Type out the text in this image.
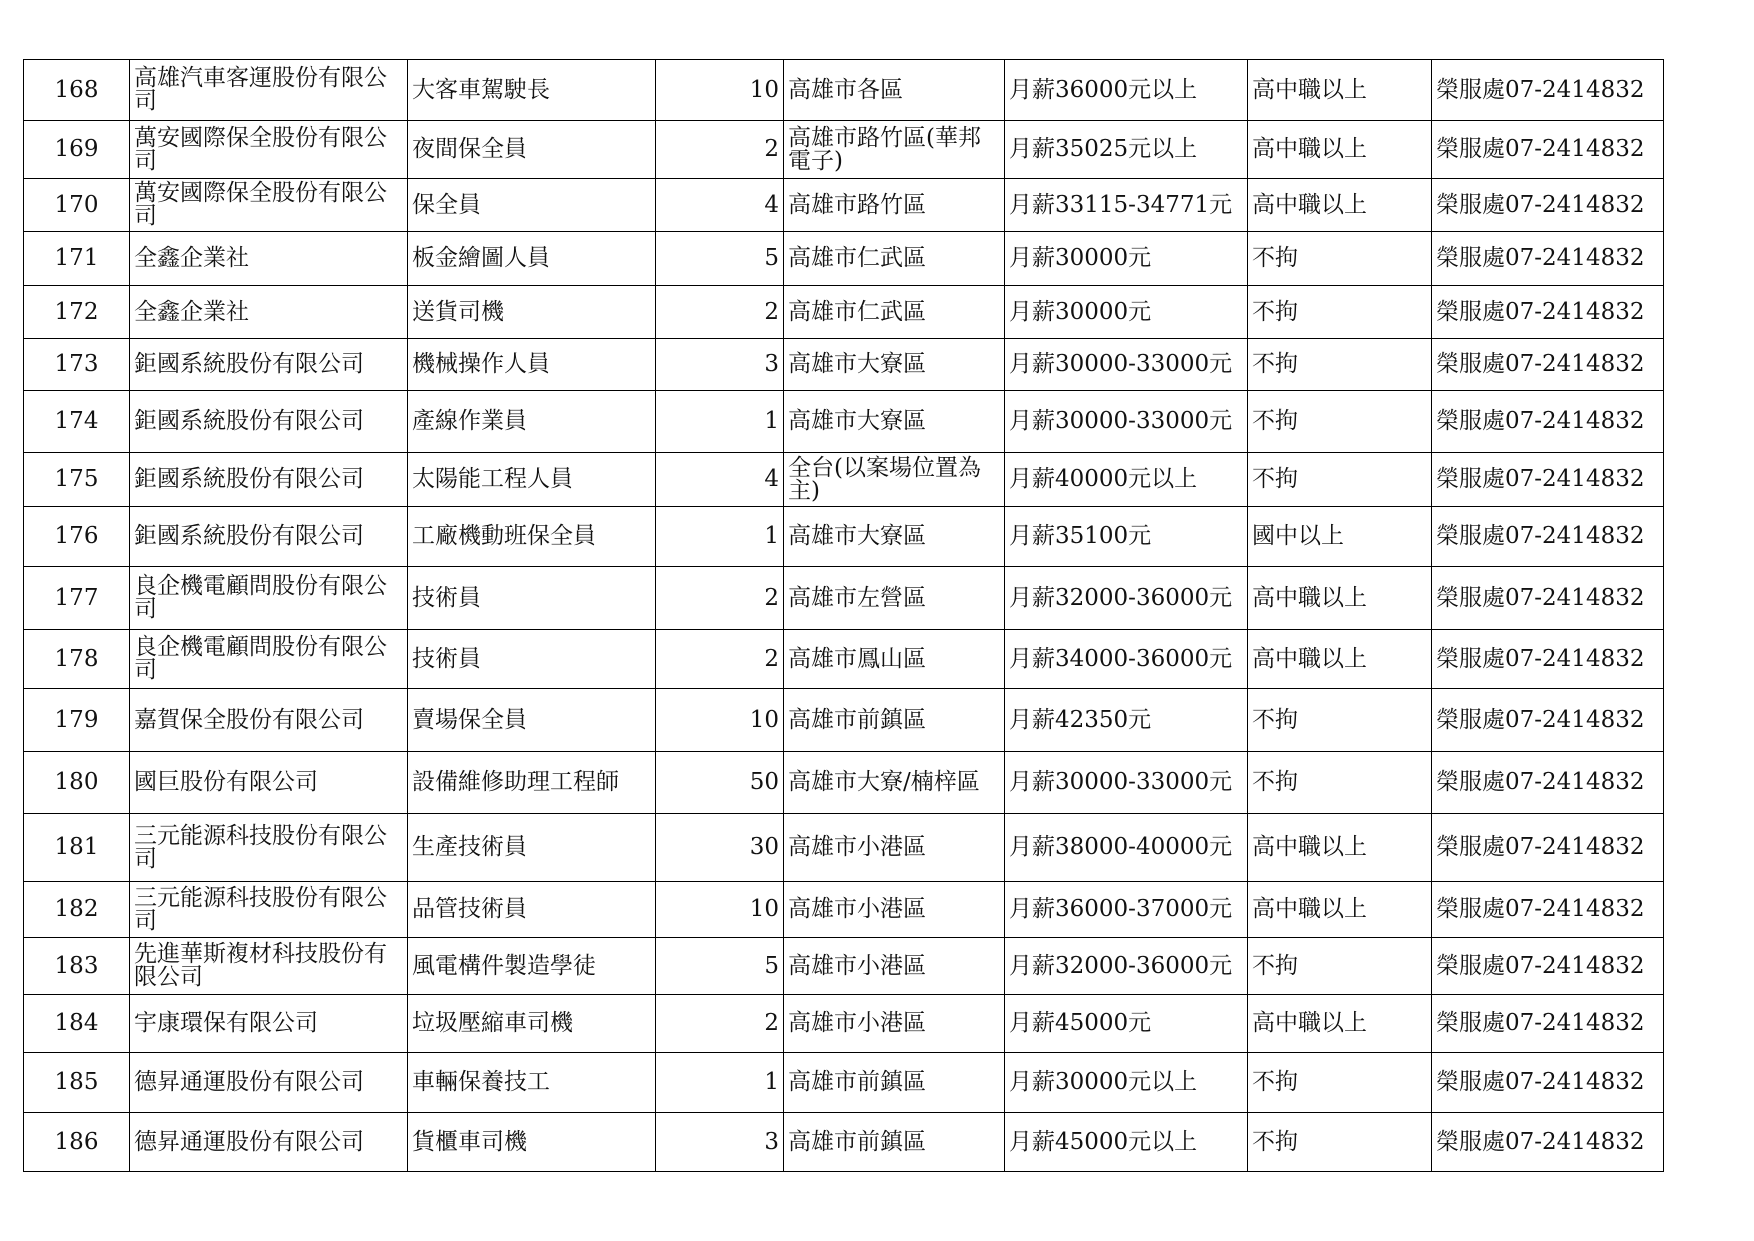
168	高雄汽車客運股份有限公司	大客車駕駛長	10	高雄市各區	月薪36000元以上	高中職以上	榮服處07-2414832
169	萬安國際保全股份有限公司	夜間保全員	2	高雄市路竹區(華邦電子)	月薪35025元以上	高中職以上	榮服處07-2414832
170	萬安國際保全股份有限公司	保全員	4	高雄市路竹區	月薪33115-34771元	高中職以上	榮服處07-2414832
171	全鑫企業社	板金繪圖人員	5	高雄市仁武區	月薪30000元	不拘	榮服處07-2414832
172	全鑫企業社	送貨司機	2	高雄市仁武區	月薪30000元	不拘	榮服處07-2414832
173	鉅國系統股份有限公司	機械操作人員	3	高雄市大寮區	月薪30000-33000元	不拘	榮服處07-2414832
174	鉅國系統股份有限公司	產線作業員	1	高雄市大寮區	月薪30000-33000元	不拘	榮服處07-2414832
175	鉅國系統股份有限公司	太陽能工程人員	4	全台(以案場位置為主)	月薪40000元以上	不拘	榮服處07-2414832
176	鉅國系統股份有限公司	工廠機動班保全員	1	高雄市大寮區	月薪35100元	國中以上	榮服處07-2414832
177	良企機電顧問股份有限公司	技術員	2	高雄市左營區	月薪32000-36000元	高中職以上	榮服處07-2414832
178	良企機電顧問股份有限公司	技術員	2	高雄市鳳山區	月薪34000-36000元	高中職以上	榮服處07-2414832
179	嘉賀保全股份有限公司	賣場保全員	10	高雄市前鎮區	月薪42350元	不拘	榮服處07-2414832
180	國巨股份有限公司	設備維修助理工程師	50	高雄市大寮/楠梓區	月薪30000-33000元	不拘	榮服處07-2414832
181	三元能源科技股份有限公司	生產技術員	30	高雄市小港區	月薪38000-40000元	高中職以上	榮服處07-2414832
182	三元能源科技股份有限公司	品管技術員	10	高雄市小港區	月薪36000-37000元	高中職以上	榮服處07-2414832
183	先進華斯複材科技股份有限公司	風電構件製造學徒	5	高雄市小港區	月薪32000-36000元	不拘	榮服處07-2414832
184	宇康環保有限公司	垃圾壓縮車司機	2	高雄市小港區	月薪45000元	高中職以上	榮服處07-2414832
185	德昇通運股份有限公司	車輛保養技工	1	高雄市前鎮區	月薪30000元以上	不拘	榮服處07-2414832
186	德昇通運股份有限公司	貨櫃車司機	3	高雄市前鎮區	月薪45000元以上	不拘	榮服處07-2414832
